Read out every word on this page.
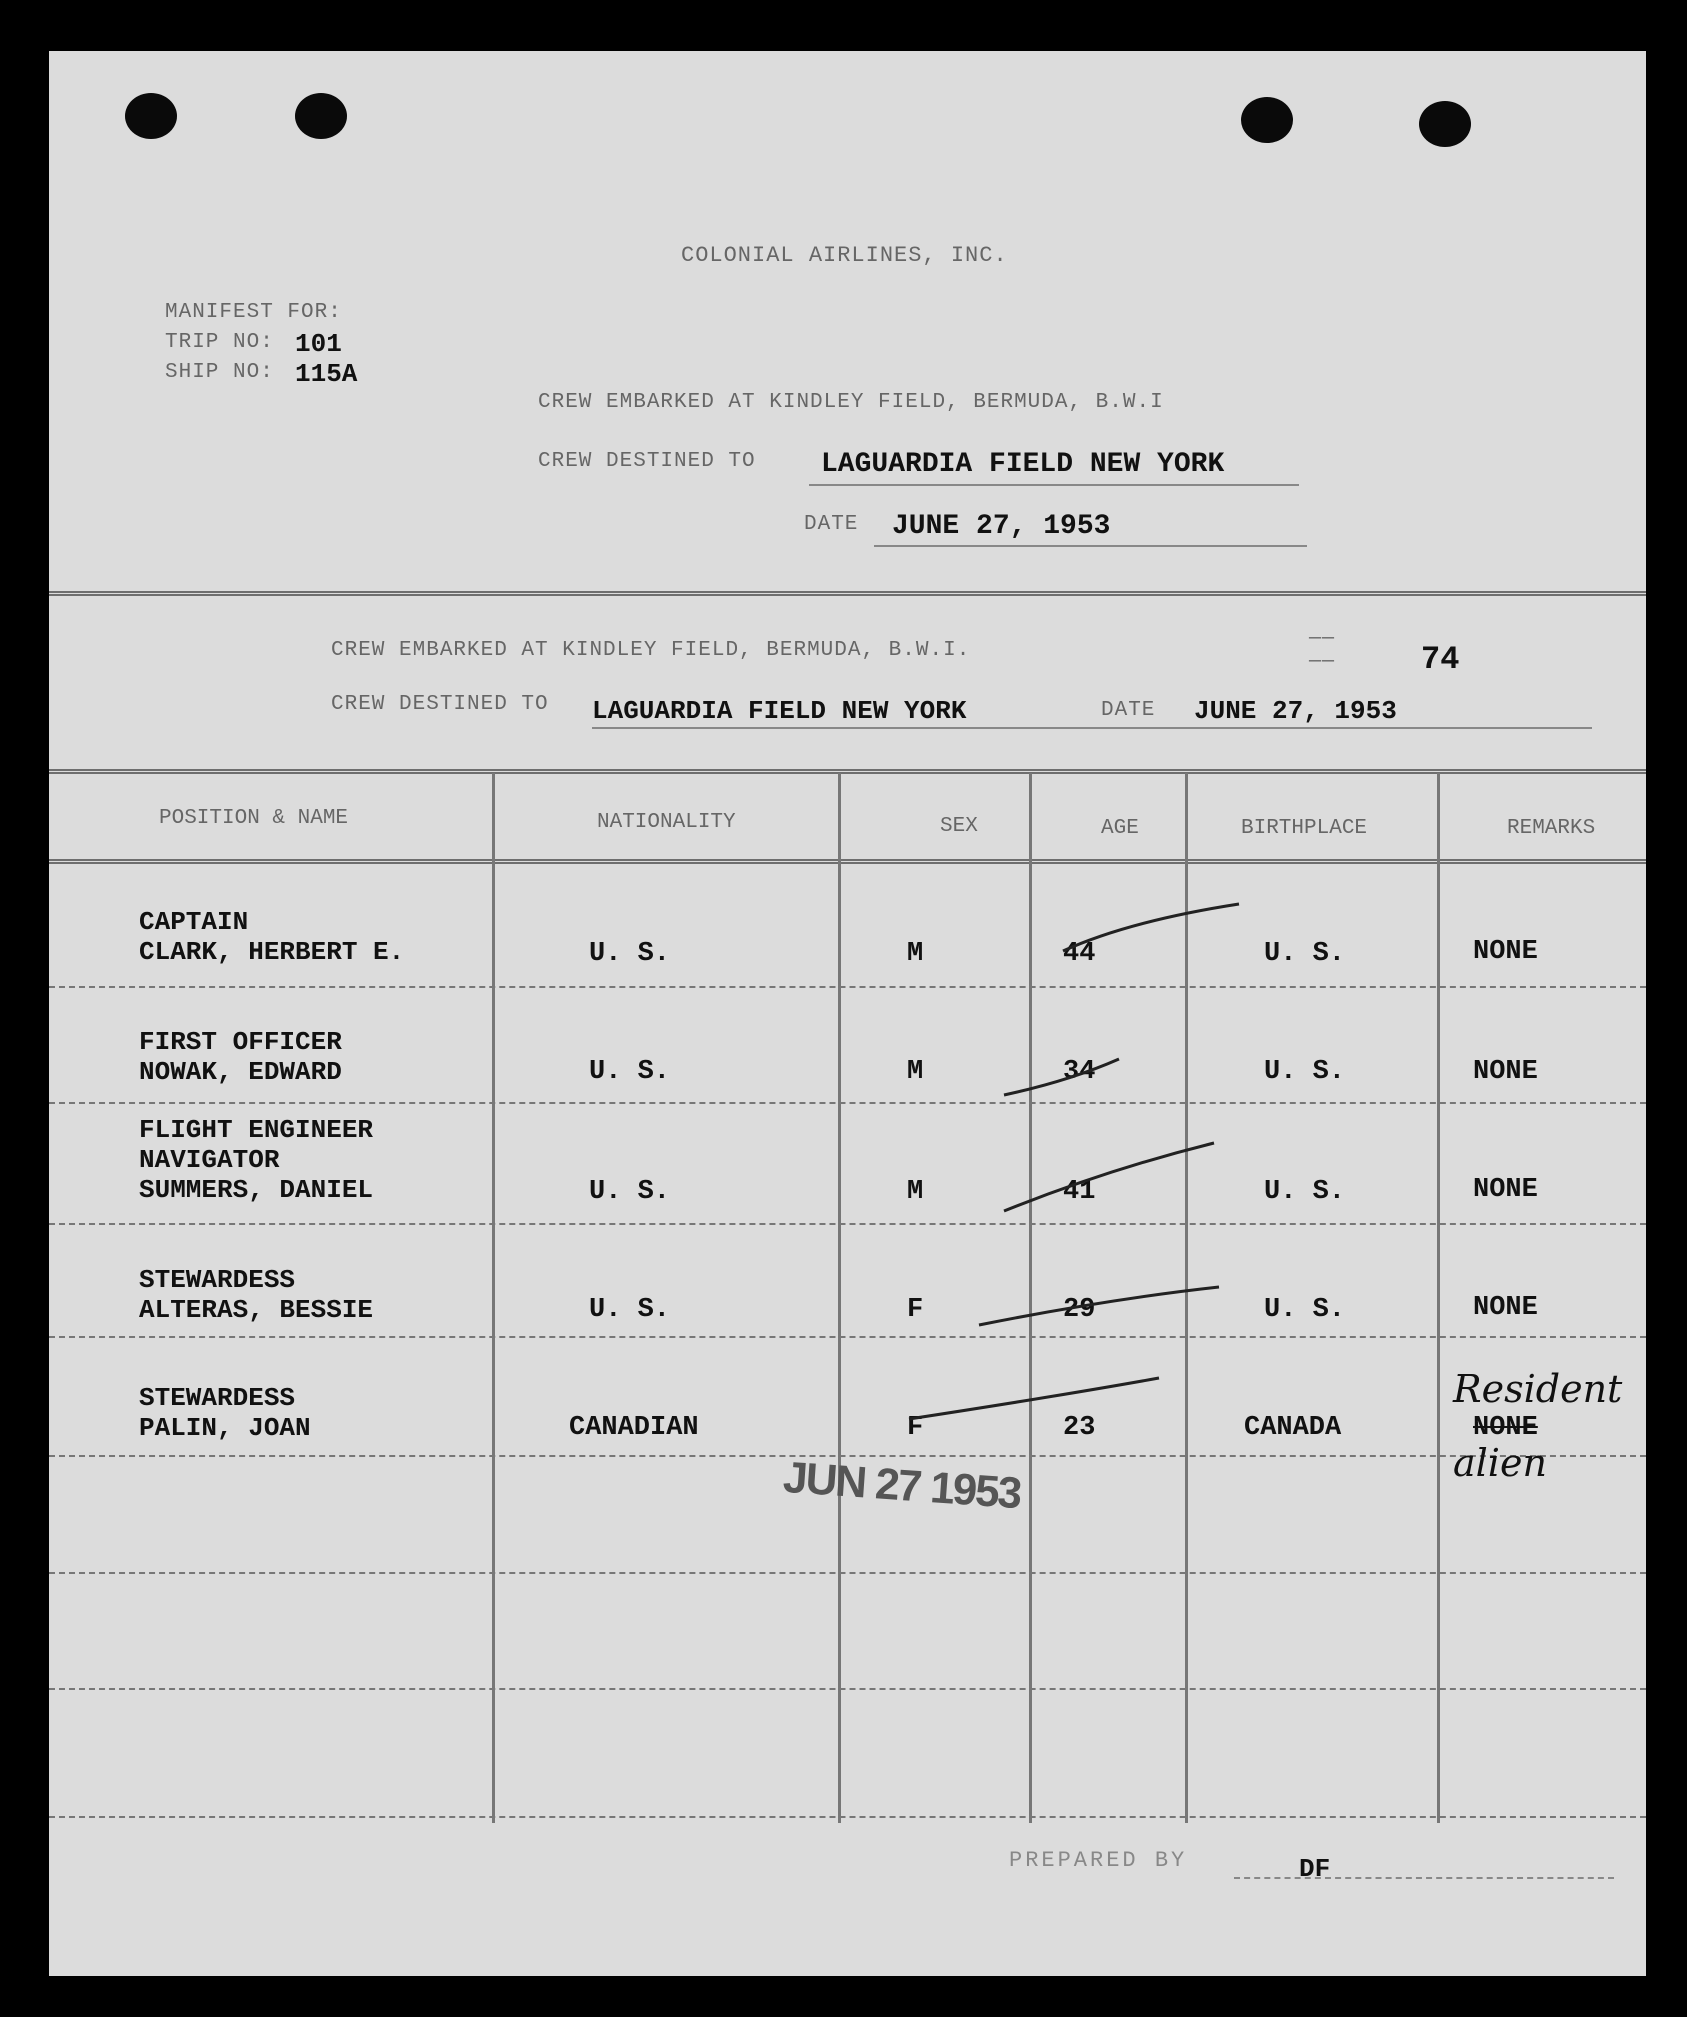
COLONIAL AIRLINES, INC.
MANIFEST FOR:
TRIP NO: 101
SHIP NO: 115A
CREW EMBARKED AT KINDLEY FIELD, BERMUDA, B.W.I
CREW DESTINED TO LAGUARDIA FIELD NEW YORK
DATE JUNE 27, 1953
CREW EMBARKED AT KINDLEY FIELD, BERMUDA, B.W.I.
——
——	74
CREW DESTINED TO LAGUARDIA FIELD NEW YORK	DATE JUNE 27, 1953
POSITION & NAME	NATIONALITY	SEX	AGE	BIRTHPLACE	REMARKS
CAPTAIN
CLARK, HERBERT E.	U. S.	M	44	U. S.	NONE
FIRST OFFICER
NOWAK, EDWARD	U. S.	M	34	U. S.	NONE
FLIGHT ENGINEER
NAVIGATOR
SUMMERS, DANIEL	U. S.	M	41	U. S.	NONE
STEWARDESS
ALTERAS, BESSIE	U. S.	F	29	U. S.	NONE
STEWARDESS
PALIN, JOAN	CANADIAN	F	23	CANADA	NONE
Resident
alien
JUN 27 1953
PREPARED BY	DF
